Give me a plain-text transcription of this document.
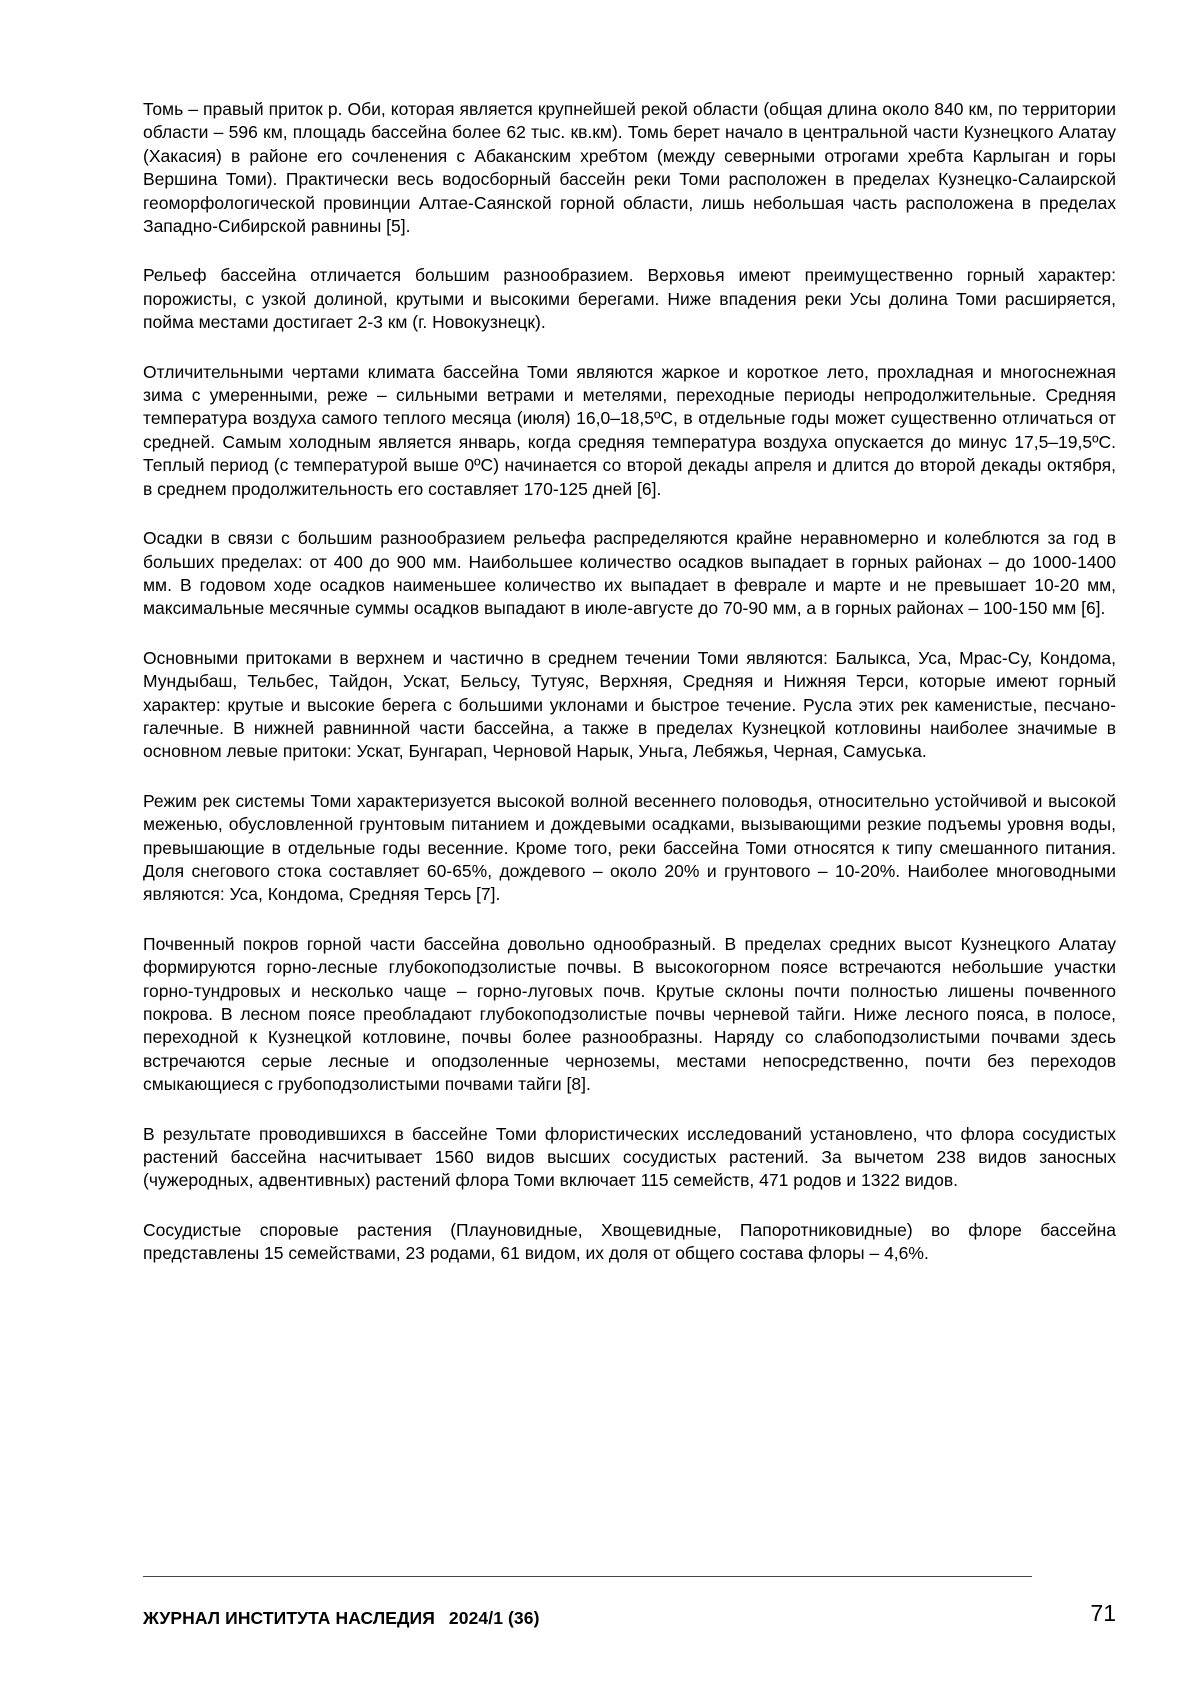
Томь – правый приток р. Оби, которая является крупнейшей рекой области (общая длина около 840 км, по территории области – 596 км, площадь бассейна более 62 тыс. кв.км). Томь берет начало в центральной части Кузнецкого Алатау (Хакасия) в районе его сочленения с Абаканским хребтом (между северными отрогами хребта Карлыган и горы Вершина Томи). Практически весь водосборный бассейн реки Томи расположен в пределах Кузнецко-Салаирской геоморфологической провинции Алтае-Саянской горной области, лишь небольшая часть расположена в пределах Западно-Сибирской равнины [5].

Рельеф бассейна отличается большим разнообразием. Верховья имеют преимущественно горный характер: порожисты, с узкой долиной, крутыми и высокими берегами. Ниже впадения реки Усы долина Томи расширяется, пойма местами достигает 2-3 км (г. Новокузнецк).

Отличительными чертами климата бассейна Томи являются жаркое и короткое лето, прохладная и многоснежная зима с умеренными, реже – сильными ветрами и метелями, переходные периоды непродолжительные. Средняя температура воздуха самого теплого месяца (июля) 16,0–18,5ºС, в отдельные годы может существенно отличаться от средней. Самым холодным является январь, когда средняя температура воздуха опускается до минус 17,5–19,5ºС. Теплый период (с температурой выше 0ºС) начинается со второй декады апреля и длится до второй декады октября, в среднем продолжительность его составляет 170-125 дней [6].

Осадки в связи с большим разнообразием рельефа распределяются крайне неравномерно и колеблются за год в больших пределах: от 400 до 900 мм. Наибольшее количество осадков выпадает в горных районах – до 1000-1400 мм. В годовом ходе осадков наименьшее количество их выпадает в феврале и марте и не превышает 10-20 мм, максимальные месячные суммы осадков выпадают в июле-августе до 70-90 мм, а в горных районах – 100-150 мм [6].

Основными притоками в верхнем и частично в среднем течении Томи являются: Балыкса, Уса, Мрас-Су, Кондома, Мундыбаш, Тельбес, Тайдон, Ускат, Бельсу, Тутуяс, Верхняя, Средняя и Нижняя Терси, которые имеют горный характер: крутые и высокие берега с большими уклонами и быстрое течение. Русла этих рек каменистые, песчано-галечные. В нижней равнинной части бассейна, а также в пределах Кузнецкой котловины наиболее значимые в основном левые притоки: Ускат, Бунгарап, Черновой Нарык, Уньга, Лебяжья, Черная, Самуська.

Режим рек системы Томи характеризуется высокой волной весеннего половодья, относительно устойчивой и высокой меженью, обусловленной грунтовым питанием и дождевыми осадками, вызывающими резкие подъемы уровня воды, превышающие в отдельные годы весенние. Кроме того, реки бассейна Томи относятся к типу смешанного питания. Доля снегового стока составляет 60-65%, дождевого – около 20% и грунтового – 10-20%. Наиболее многоводными являются: Уса, Кондома, Средняя Терсь [7].

Почвенный покров горной части бассейна довольно однообразный. В пределах средних высот Кузнецкого Алатау формируются горно-лесные глубокоподзолистые почвы. В высокогорном поясе встречаются небольшие участки горно-тундровых и несколько чаще – горно-луговых почв. Крутые склоны почти полностью лишены почвенного покрова. В лесном поясе преобладают глубокоподзолистые почвы черневой тайги. Ниже лесного пояса, в полосе, переходной к Кузнецкой котловине, почвы более разнообразны. Наряду со слабоподзолистыми почвами здесь встречаются серые лесные и оподзоленные черноземы, местами непосредственно, почти без переходов смыкающиеся с грубоподзолистыми почвами тайги [8].

В результате проводившихся в бассейне Томи флористических исследований установлено, что флора сосудистых растений бассейна насчитывает 1560 видов высших сосудистых растений. За вычетом 238 видов заносных (чужеродных, адвентивных) растений флора Томи включает 115 семейств, 471 родов и 1322 видов.

Сосудистые споровые растения (Плауновидные, Хвощевидные, Папоротниковидные) во флоре бассейна представлены 15 семействами, 23 родами, 61 видом, их доля от общего состава флоры – 4,6%.

ЖУРНАЛ ИНСТИТУТА НАСЛЕДИЯ 2024/1 (36)	71
